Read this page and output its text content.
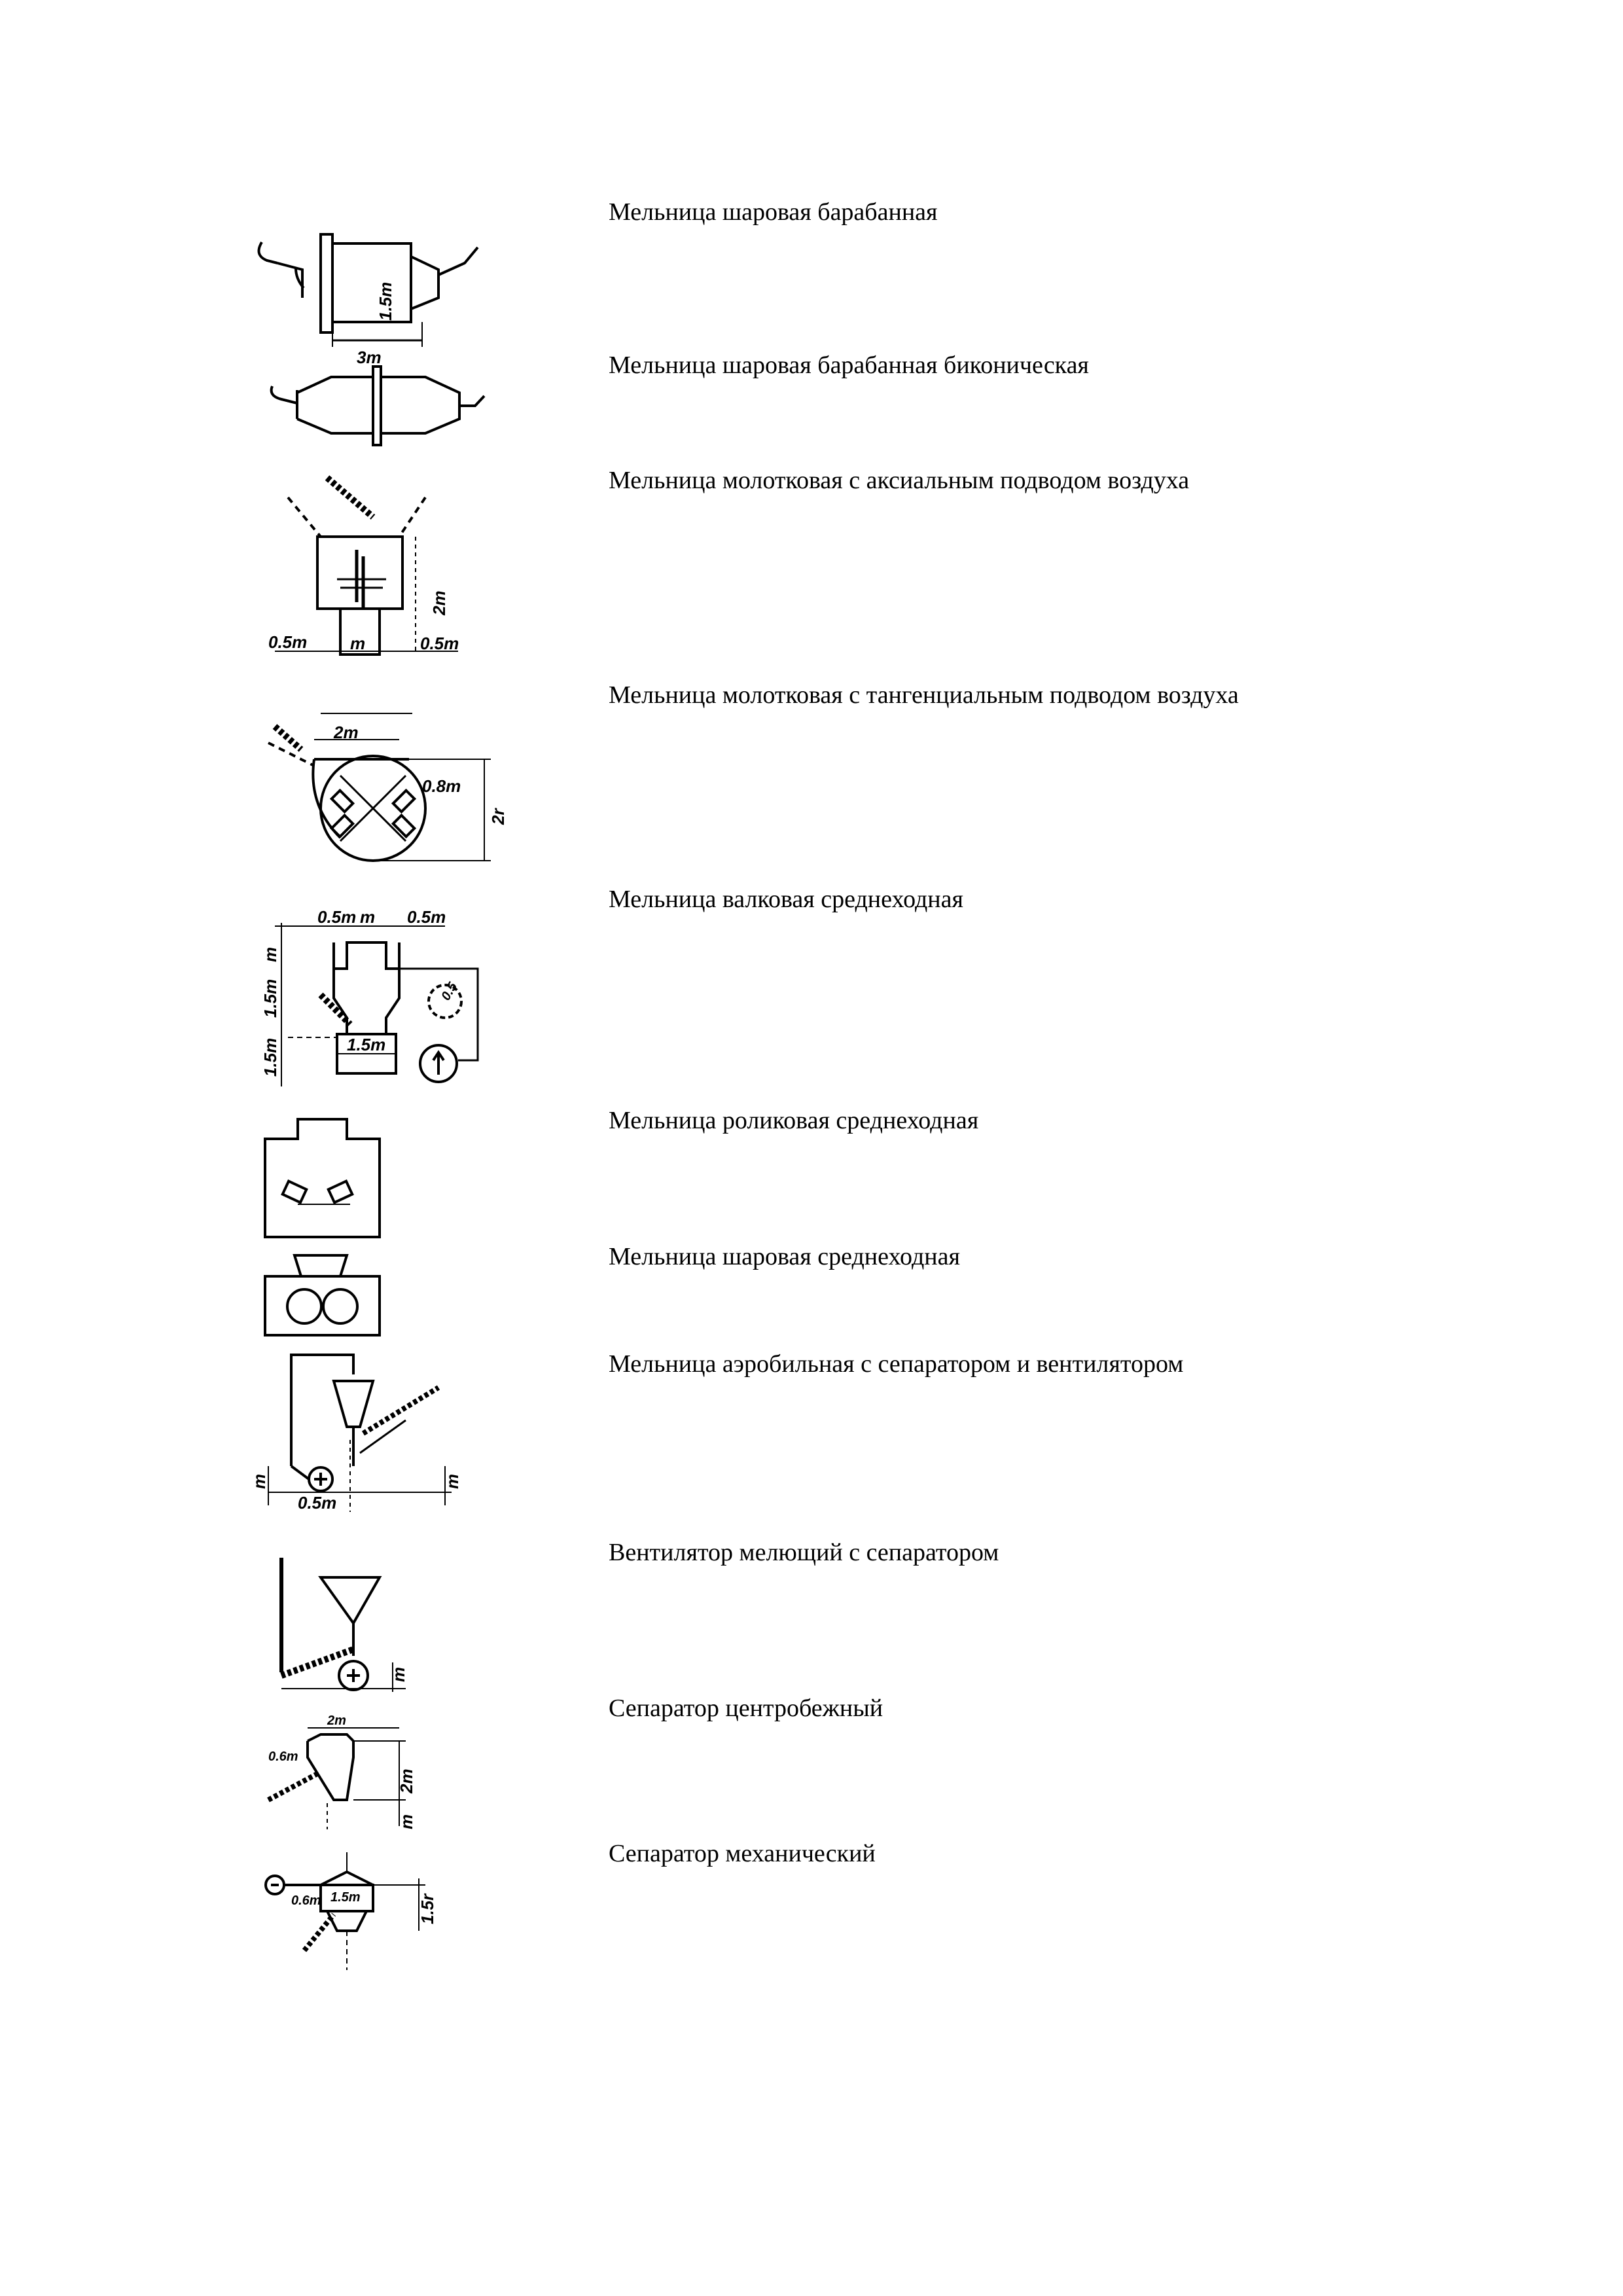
1.5m
3m
Мельница шаровая барабанная
Мельница шаровая барабанная биконическая
0.5m	m	0.5m
2m
Мельница молотковая с аксиальным подводом воздуха
2m
0.8m
2r
Мельница молотковая с тангенциальным подводом воздуха
0.5m m 0.5m
m
1.5m
1.5m	1.5m
0.5
Мельница валковая среднеходная
Мельница роликовая среднеходная
Мельница шаровая среднеходная
m
0.5m
m
Мельница аэробильная с сепаратором и вентилятором
m
Вентилятор мелющий с сепаратором
2m
0.6m
2m
m
Сепаратор центробежный
0.6m 1.5m	1.5r
Сепаратор механический
